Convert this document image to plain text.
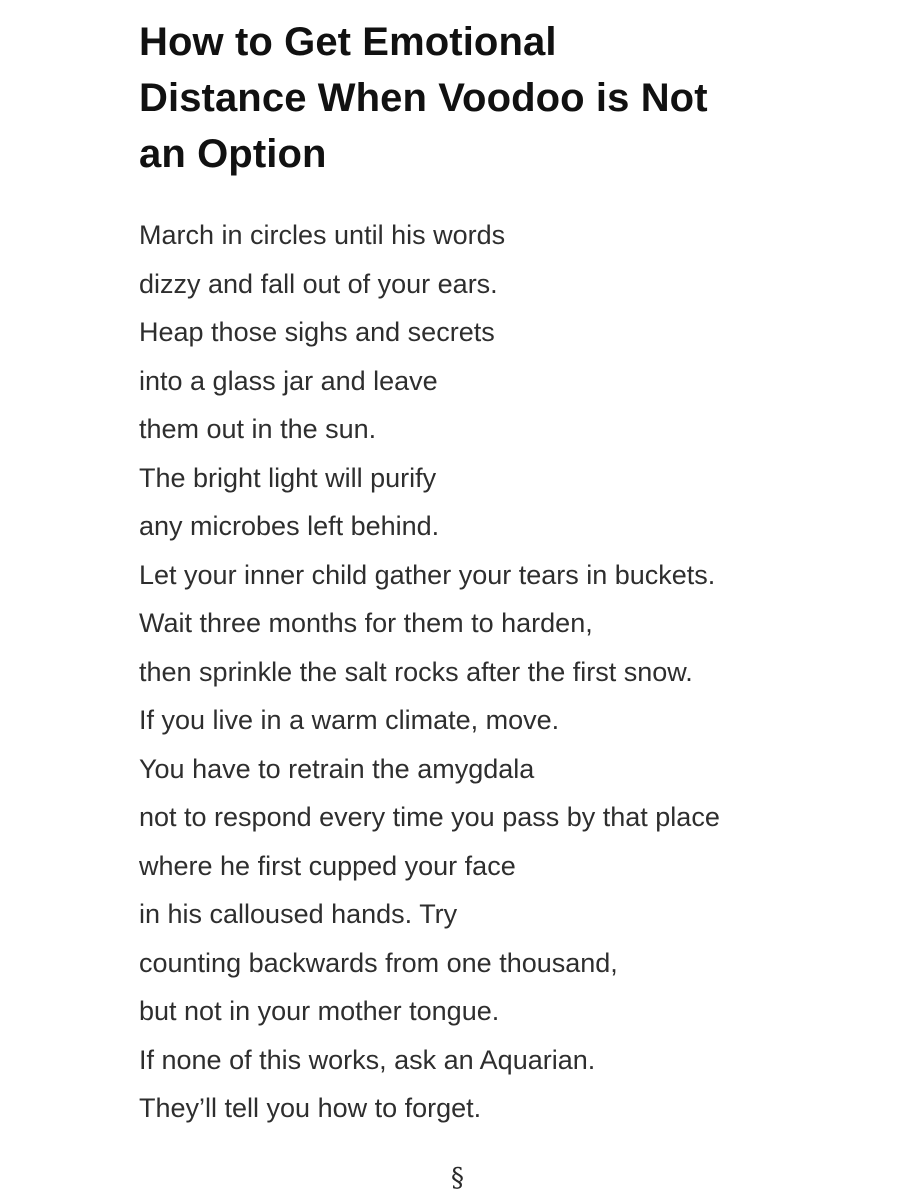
How to Get Emotional
Distance When Voodoo is Not
an Option
March in circles until his words
dizzy and fall out of your ears.
Heap those sighs and secrets
into a glass jar and leave
them out in the sun.
The bright light will purify
any microbes left behind.
Let your inner child gather your tears in buckets.
Wait three months for them to harden,
then sprinkle the salt rocks after the first snow.
If you live in a warm climate, move.
You have to retrain the amygdala
not to respond every time you pass by that place
where he first cupped your face
in his calloused hands. Try
counting backwards from one thousand,
but not in your mother tongue.
If none of this works, ask an Aquarian.
They’ll tell you how to forget.
§
